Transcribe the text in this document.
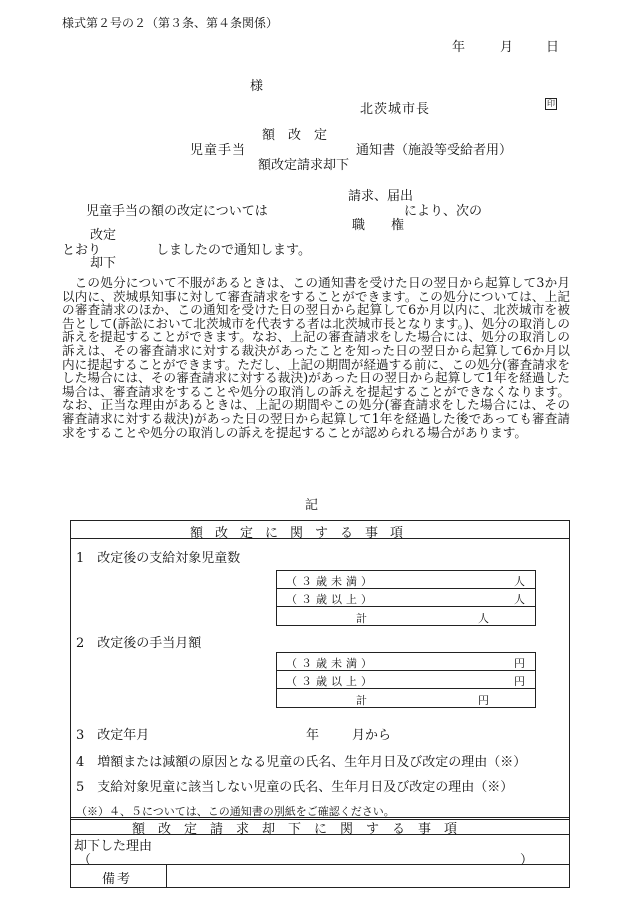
様式第２号の２（第３条、第４条関係）
年	月	日
様
北茨城市長	印
額　改　定
児童手当	通知書（施設等受給者用）
額改定請求却下
請求、届出
児童手当の額の改定については	により、次の
職　　権
改定
とおり	しましたので通知します。
却下

この処分について不服があるときは、この通知書を受けた日の翌日から起算して3か月以内に、茨城県知事に対して審査請求をすることができます。この処分については、上記の審査請求のほか、この通知を受けた日の翌日から起算して6か月以内に、北茨城市を被告として(訴訟において北茨城市を代表する者は北茨城市長となります。)、処分の取消しの訴えを提起することができます。なお、上記の審査請求をした場合には、処分の取消しの訴えは、その審査請求に対する裁決があったことを知った日の翌日から起算して6か月以内に提起することができます。ただし、上記の期間が経過する前に、この処分(審査請求をした場合には、その審査請求に対する裁決)があった日の翌日から起算して1年を経過した場合は、審査請求をすることや処分の取消しの訴えを提起することができなくなります。なお、正当な理由があるときは、上記の期間やこの処分(審査請求をした場合には、その審査請求に対する裁決)があった日の翌日から起算して1年を経過した後であっても審査請求をすることや処分の取消しの訴えを提起することが認められる場合があります。

記
額改定に関する事項
1　改定後の支給対象児童数
（３歳未満）	人
（３歳以上）	人
計	人
2　改定後の手当月額
（３歳未満）	円
（３歳以上）	円
計	円
3　改定年月	年	月から
4　増額または減額の原因となる児童の氏名、生年月日及び改定の理由（※）
5　支給対象児童に該当しない児童の氏名、生年月日及び改定の理由（※）
（※）４、５については、この通知書の別紙をご確認ください。
額改定請求却下に関する事項
却下した理由
（	）
備考
